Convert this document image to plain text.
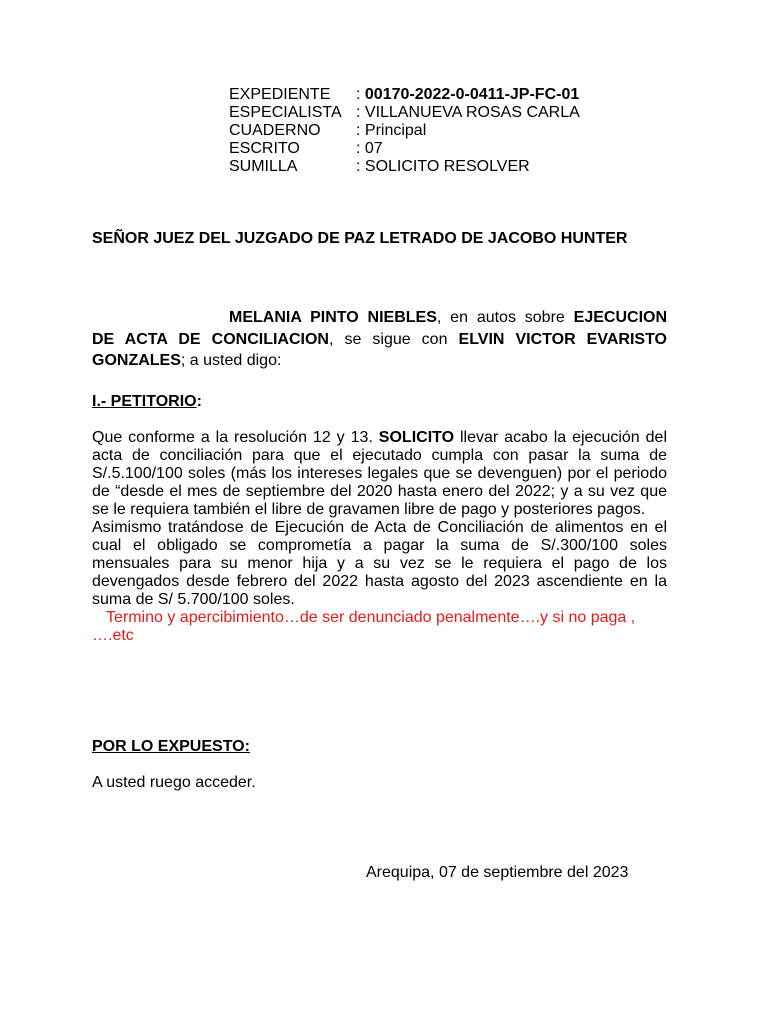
EXPEDIENTE	: 00170-2022-0-0411-JP-FC-01
ESPECIALISTA : VILLANUEVA ROSAS CARLA
CUADERNO	: Principal
ESCRITO	: 07
SUMILLA	: SOLICITO RESOLVER
SEÑOR JUEZ DEL JUZGADO DE PAZ LETRADO DE JACOBO HUNTER
MELANIA PINTO NIEBLES, en autos sobre EJECUCION DE ACTA DE CONCILIACION, se sigue con ELVIN VICTOR EVARISTO GONZALES; a usted digo:
I.- PETITORIO:
Que conforme a la resolución 12 y 13. SOLICITO llevar acabo la ejecución del acta de conciliación para que el ejecutado cumpla con pasar la suma de S/.5.100/100 soles (más los intereses legales que se devenguen) por el periodo de “desde el mes de septiembre del 2020 hasta enero del 2022; y a su vez que se le requiera también el libre de gravamen libre de pago y posteriores pagos.
Asimismo tratándose de Ejecución de Acta de Conciliación de alimentos en el cual el obligado se comprometía a pagar la suma de S/.300/100 soles mensuales para su menor hija y a su vez se le requiera el pago de los devengados desde febrero del 2022 hasta agosto del 2023 ascendiente en la suma de S/ 5.700/100 soles.
Termino y apercibimiento…de ser denunciado penalmente….y si no paga , ….etc
POR LO EXPUESTO:
A usted ruego acceder.
Arequipa, 07 de septiembre del 2023
